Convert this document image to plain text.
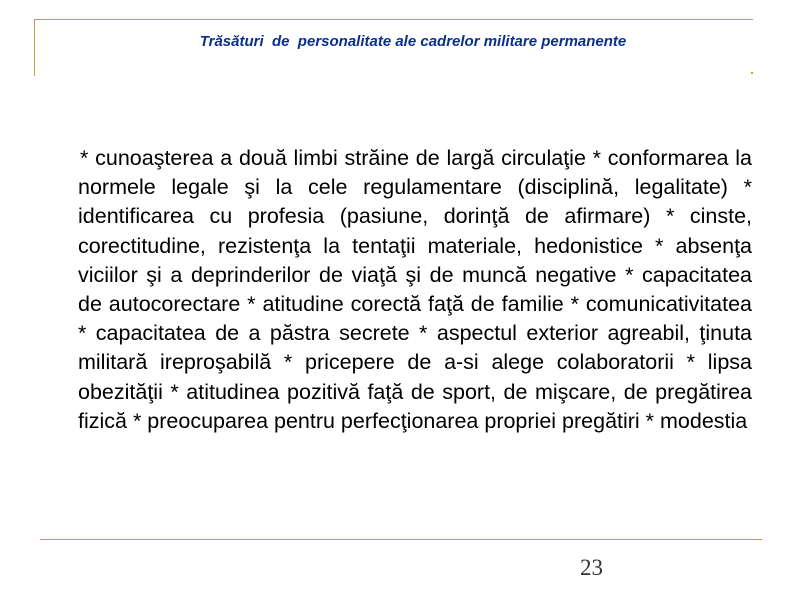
Trăsături  de  personalitate ale cadrelor militare permanente

* cunoaşterea a două limbi străine de largă circulaţie * conformarea la normele legale şi la cele regulamentare (disciplină, legalitate) * identificarea cu profesia (pasiune, dorinţă de afirmare) * cinste, corectitudine, rezistenţa la tentaţii materiale, hedonistice * absenţa viciilor şi a deprinderilor de viaţă şi de muncă negative * capacitatea de autocorectare * atitudine corectă faţă de familie * comunicativitatea * capacitatea de a păstra secrete * aspectul exterior agreabil, ţinuta militară ireproşabilă * pricepere de a-si alege colaboratorii * lipsa obezităţii * atitudinea pozitivă faţă de sport, de mişcare, de pregătirea fizică * preocuparea pentru perfecţionarea propriei pregătiri * modestia

23
